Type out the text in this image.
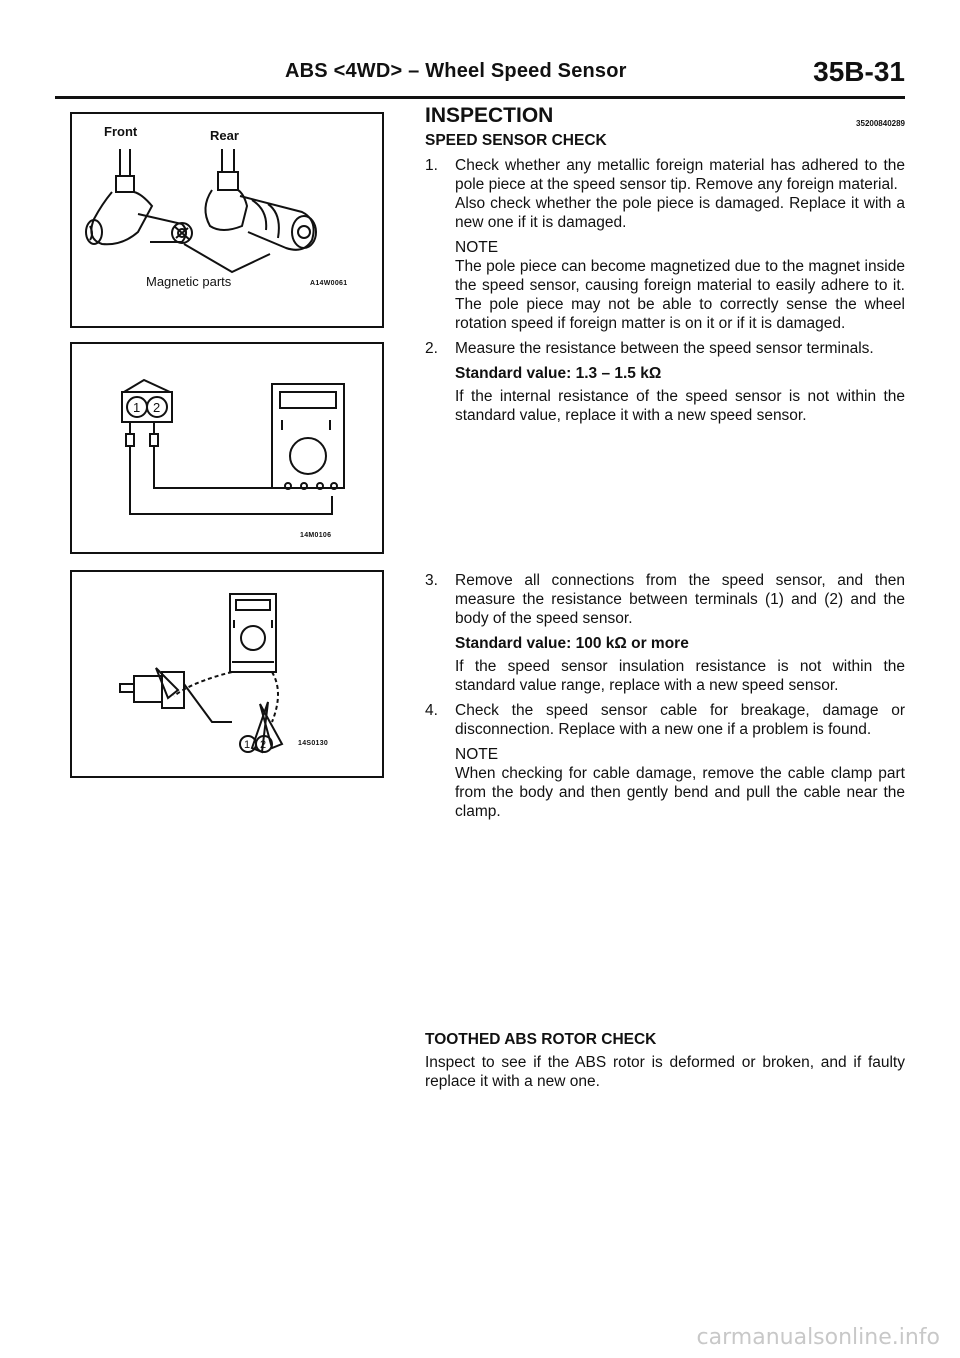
ABS <4WD> – Wheel Speed Sensor	35B-31
Front	Rear
Magnetic parts	A14W0061
1 2
14M0106
1 2	14S0130
INSPECTION	35200840289
SPEED SENSOR CHECK
1. Check whether any metallic foreign material has adhered to the pole piece at the speed sensor tip. Remove any foreign material.
Also check whether the pole piece is damaged. Replace it with a new one if it is damaged.
NOTE
The pole piece can become magnetized due to the magnet inside the speed sensor, causing foreign material to easily adhere to it. The pole piece may not be able to correctly sense the wheel rotation speed if foreign matter is on it or if it is damaged.
2. Measure the resistance between the speed sensor terminals.
Standard value: 1.3 – 1.5 kΩ
If the internal resistance of the speed sensor is not within the standard value, replace it with a new speed sensor.
3. Remove all connections from the speed sensor, and then measure the resistance between terminals (1) and (2) and the body of the speed sensor.
Standard value: 100 kΩ or more
If the speed sensor insulation resistance is not within the standard value range, replace with a new speed sensor.
4. Check the speed sensor cable for breakage, damage or disconnection. Replace with a new one if a problem is found.
NOTE
When checking for cable damage, remove the cable clamp part from the body and then gently bend and pull the cable near the clamp.
TOOTHED ABS ROTOR CHECK
Inspect to see if the ABS rotor is deformed or broken, and if faulty replace it with a new one.
carmanualsonline.info
